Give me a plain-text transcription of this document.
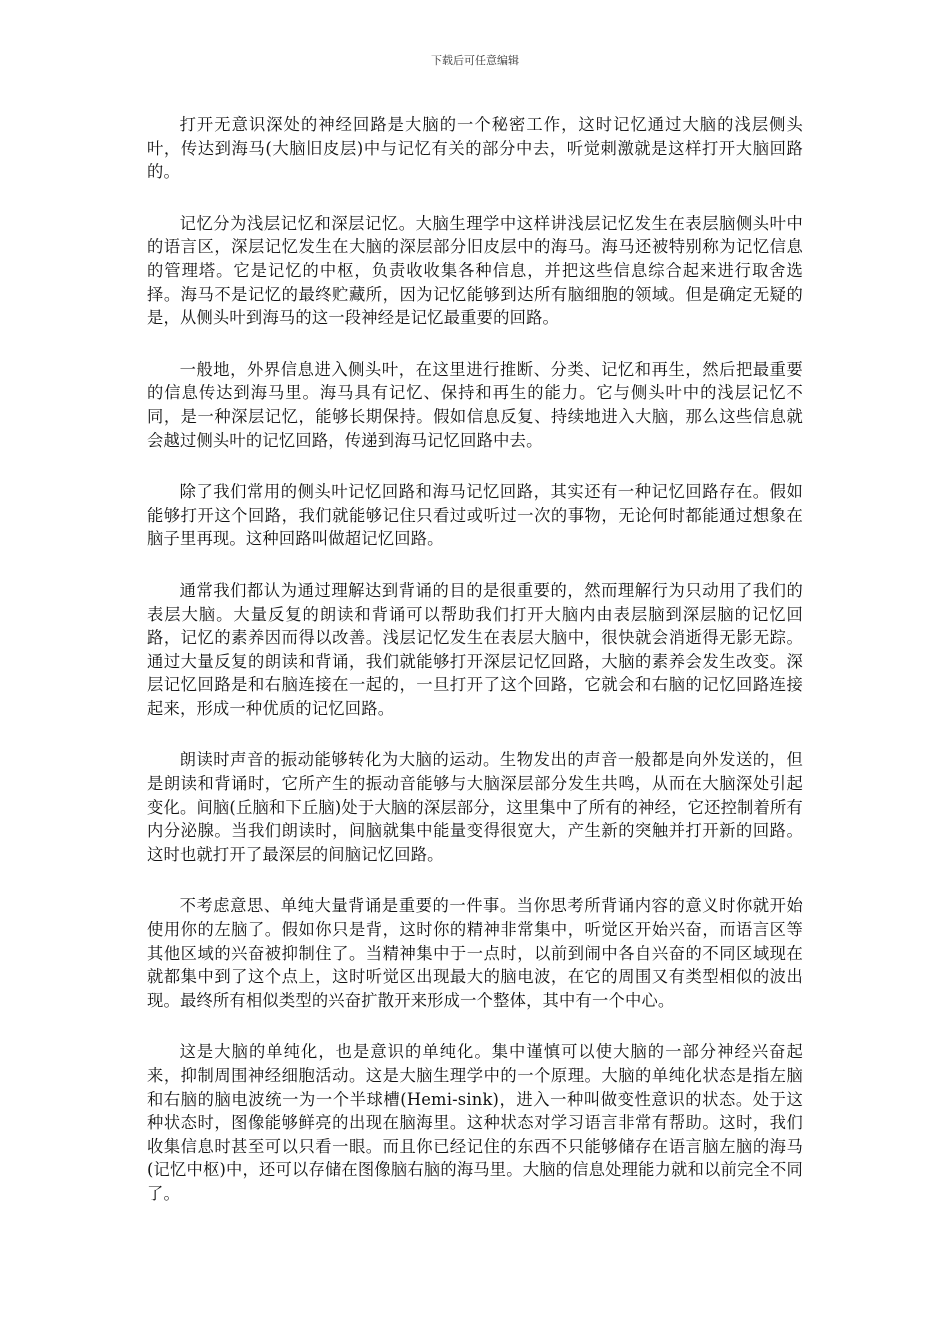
下载后可任意编辑

打开无意识深处的神经回路是大脑的一个秘密工作，这时记忆通过大脑的浅层侧头叶，传达到海马(大脑旧皮层)中与记忆有关的部分中去，听觉刺激就是这样打开大脑回路的。

记忆分为浅层记忆和深层记忆。大脑生理学中这样讲浅层记忆发生在表层脑侧头叶中的语言区，深层记忆发生在大脑的深层部分旧皮层中的海马。海马还被特别称为记忆信息的管理塔。它是记忆的中枢，负责收收集各种信息，并把这些信息综合起来进行取舍选择。海马不是记忆的最终贮藏所，因为记忆能够到达所有脑细胞的领域。但是确定无疑的是，从侧头叶到海马的这一段神经是记忆最重要的回路。

一般地，外界信息进入侧头叶，在这里进行推断、分类、记忆和再生，然后把最重要的信息传达到海马里。海马具有记忆、保持和再生的能力。它与侧头叶中的浅层记忆不同，是一种深层记忆，能够长期保持。假如信息反复、持续地进入大脑，那么这些信息就会越过侧头叶的记忆回路，传递到海马记忆回路中去。

除了我们常用的侧头叶记忆回路和海马记忆回路，其实还有一种记忆回路存在。假如能够打开这个回路，我们就能够记住只看过或听过一次的事物，无论何时都能通过想象在脑子里再现。这种回路叫做超记忆回路。

通常我们都认为通过理解达到背诵的目的是很重要的，然而理解行为只动用了我们的表层大脑。大量反复的朗读和背诵可以帮助我们打开大脑内由表层脑到深层脑的记忆回路，记忆的素养因而得以改善。浅层记忆发生在表层大脑中，很快就会消逝得无影无踪。通过大量反复的朗读和背诵，我们就能够打开深层记忆回路，大脑的素养会发生改变。深层记忆回路是和右脑连接在一起的，一旦打开了这个回路，它就会和右脑的记忆回路连接起来，形成一种优质的记忆回路。

朗读时声音的振动能够转化为大脑的运动。生物发出的声音一般都是向外发送的，但是朗读和背诵时，它所产生的振动音能够与大脑深层部分发生共鸣，从而在大脑深处引起变化。间脑(丘脑和下丘脑)处于大脑的深层部分，这里集中了所有的神经，它还控制着所有内分泌腺。当我们朗读时，间脑就集中能量变得很宽大，产生新的突触并打开新的回路。这时也就打开了最深层的间脑记忆回路。

不考虑意思、单纯大量背诵是重要的一件事。当你思考所背诵内容的意义时你就开始使用你的左脑了。假如你只是背，这时你的精神非常集中，听觉区开始兴奋，而语言区等其他区域的兴奋被抑制住了。当精神集中于一点时，以前到闹中各自兴奋的不同区域现在就都集中到了这个点上，这时听觉区出现最大的脑电波，在它的周围又有类型相似的波出现。最终所有相似类型的兴奋扩散开来形成一个整体，其中有一个中心。

这是大脑的单纯化，也是意识的单纯化。集中谨慎可以使大脑的一部分神经兴奋起来，抑制周围神经细胞活动。这是大脑生理学中的一个原理。大脑的单纯化状态是指左脑和右脑的脑电波统一为一个半球槽(Hemi-sink)，进入一种叫做变性意识的状态。处于这种状态时，图像能够鲜亮的出现在脑海里。这种状态对学习语言非常有帮助。这时，我们收集信息时甚至可以只看一眼。而且你已经记住的东西不只能够储存在语言脑左脑的海马(记忆中枢)中，还可以存储在图像脑右脑的海马里。大脑的信息处理能力就和以前完全不同了。
